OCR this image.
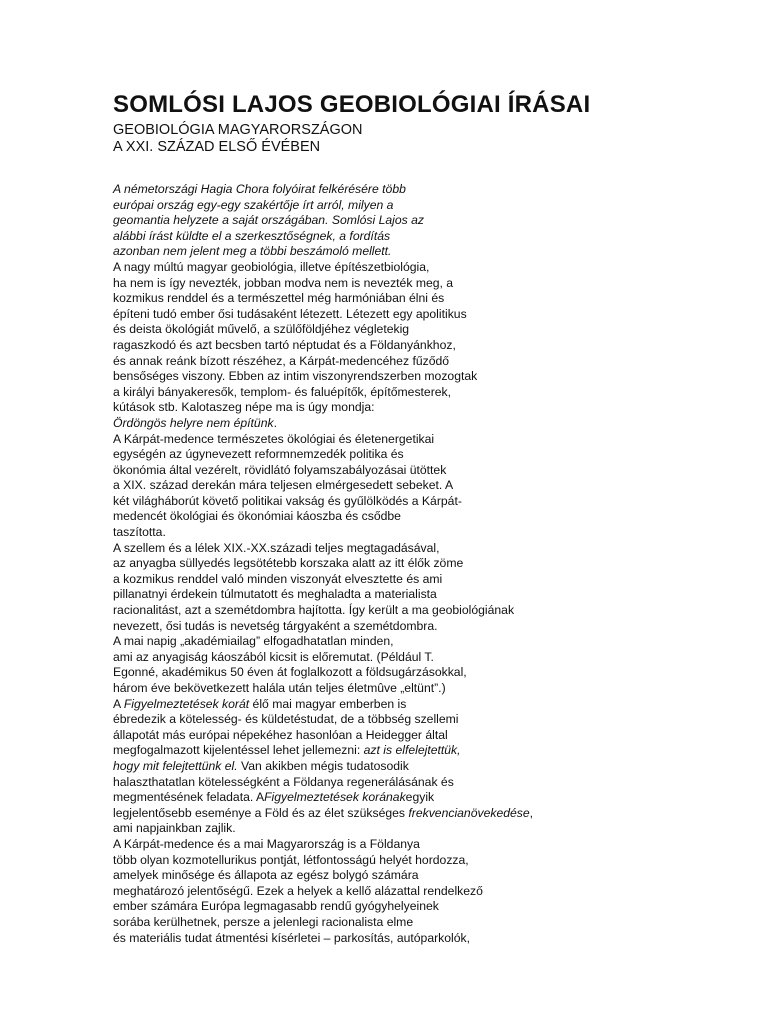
SOMLÓSI LAJOS GEOBIOLÓGIAI ÍRÁSAI
GEOBIOLÓGIA MAGYARORSZÁGON
A XXI. SZÁZAD ELSŐ ÉVÉBEN
A németországi Hagia Chora folyóirat felkérésére több
európai ország egy-egy szakértője írt arról, milyen a
geomantia helyzete a saját országában. Somlósi Lajos az
alábbi írást küldte el a szerkesztőségnek, a fordítás
azonban nem jelent meg a többi beszámoló mellett.
A nagy múltú magyar geobiológia, illetve építészetbiológia,
ha nem is így nevezték, jobban modva nem is nevezték meg, a
kozmikus renddel és a természettel még harmóniában élni és
építeni tudó ember ősi tudásaként létezett. Létezett egy apolitikus
és deista ökológiát művelő, a szülőföldjéhez végletekig
ragaszkodó és azt becsben tartó néptudat és a Földanyánkhoz,
és annak reánk bízott részéhez, a Kárpát-medencéhez fűződő
bensőséges viszony. Ebben az intim viszonyrendszerben mozogtak
a királyi bányakeresők, templom- és faluépítők, építőmesterek,
kútások stb. Kalotaszeg népe ma is úgy mondja:
Ördöngös helyre nem építünk.
A Kárpát-medence természetes ökológiai és életenergetikai
egységén az úgynevezett reformnemzedék politika és
ökonómia által vezérelt, rövidlátó folyamszabályozásai ütöttek
a XIX. század derekán mára teljesen elmérgesedett sebeket. A
két világháborút követő politikai vakság és gyűlölködés a Kárpát-
medencét ökológiai és ökonómiai káoszba és csődbe
taszította.
A szellem és a lélek XIX.-XX.századi teljes megtagadásával,
az anyagba süllyedés legsötétebb korszaka alatt az itt élők zöme
a kozmikus renddel való minden viszonyát elvesztette és ami
pillanatnyi érdekein túlmutatott és meghaladta a materialista
racionalitást, azt a szemétdombra hajította. Így került a ma geobiológiának
nevezett, ősi tudás is nevetség tárgyaként a szemétdombra.
A mai napig „akadémiailag” elfogadhatatlan minden,
ami az anyagiság káoszából kicsit is előremutat. (Például T.
Egonné, akadémikus 50 éven át foglalkozott a földsugárzásokkal,
három éve bekövetkezett halála után teljes életmûve „eltünt”.)
A Figyelmeztetések korát élő mai magyar emberben is
ébredezik a kötelesség- és küldetéstudat, de a többség szellemi
állapotát más európai népekéhez hasonlóan a Heidegger által
megfogalmazott kijelentéssel lehet jellemezni: azt is elfelejtettük,
hogy mit felejtettünk el. Van akikben mégis tudatosodik
halaszthatatlan kötelességként a Földanya regenerálásának és
megmentésének feladata. AFigyelmeztetések koránakegyik
legjelentősebb eseménye a Föld és az élet szükséges frekvencianövekedése,
ami napjainkban zajlik.
A Kárpát-medence és a mai Magyarország is a Földanya
több olyan kozmotellurikus pontját, létfontosságú helyét hordozza,
amelyek minősége és állapota az egész bolygó számára
meghatározó jelentőségű. Ezek a helyek a kellő alázattal rendelkező
ember számára Európa legmagasabb rendű gyógyhelyeinek
sorába kerülhetnek, persze a jelenlegi racionalista elme
és materiális tudat átmentési kísérletei – parkosítás, autóparkolók,
